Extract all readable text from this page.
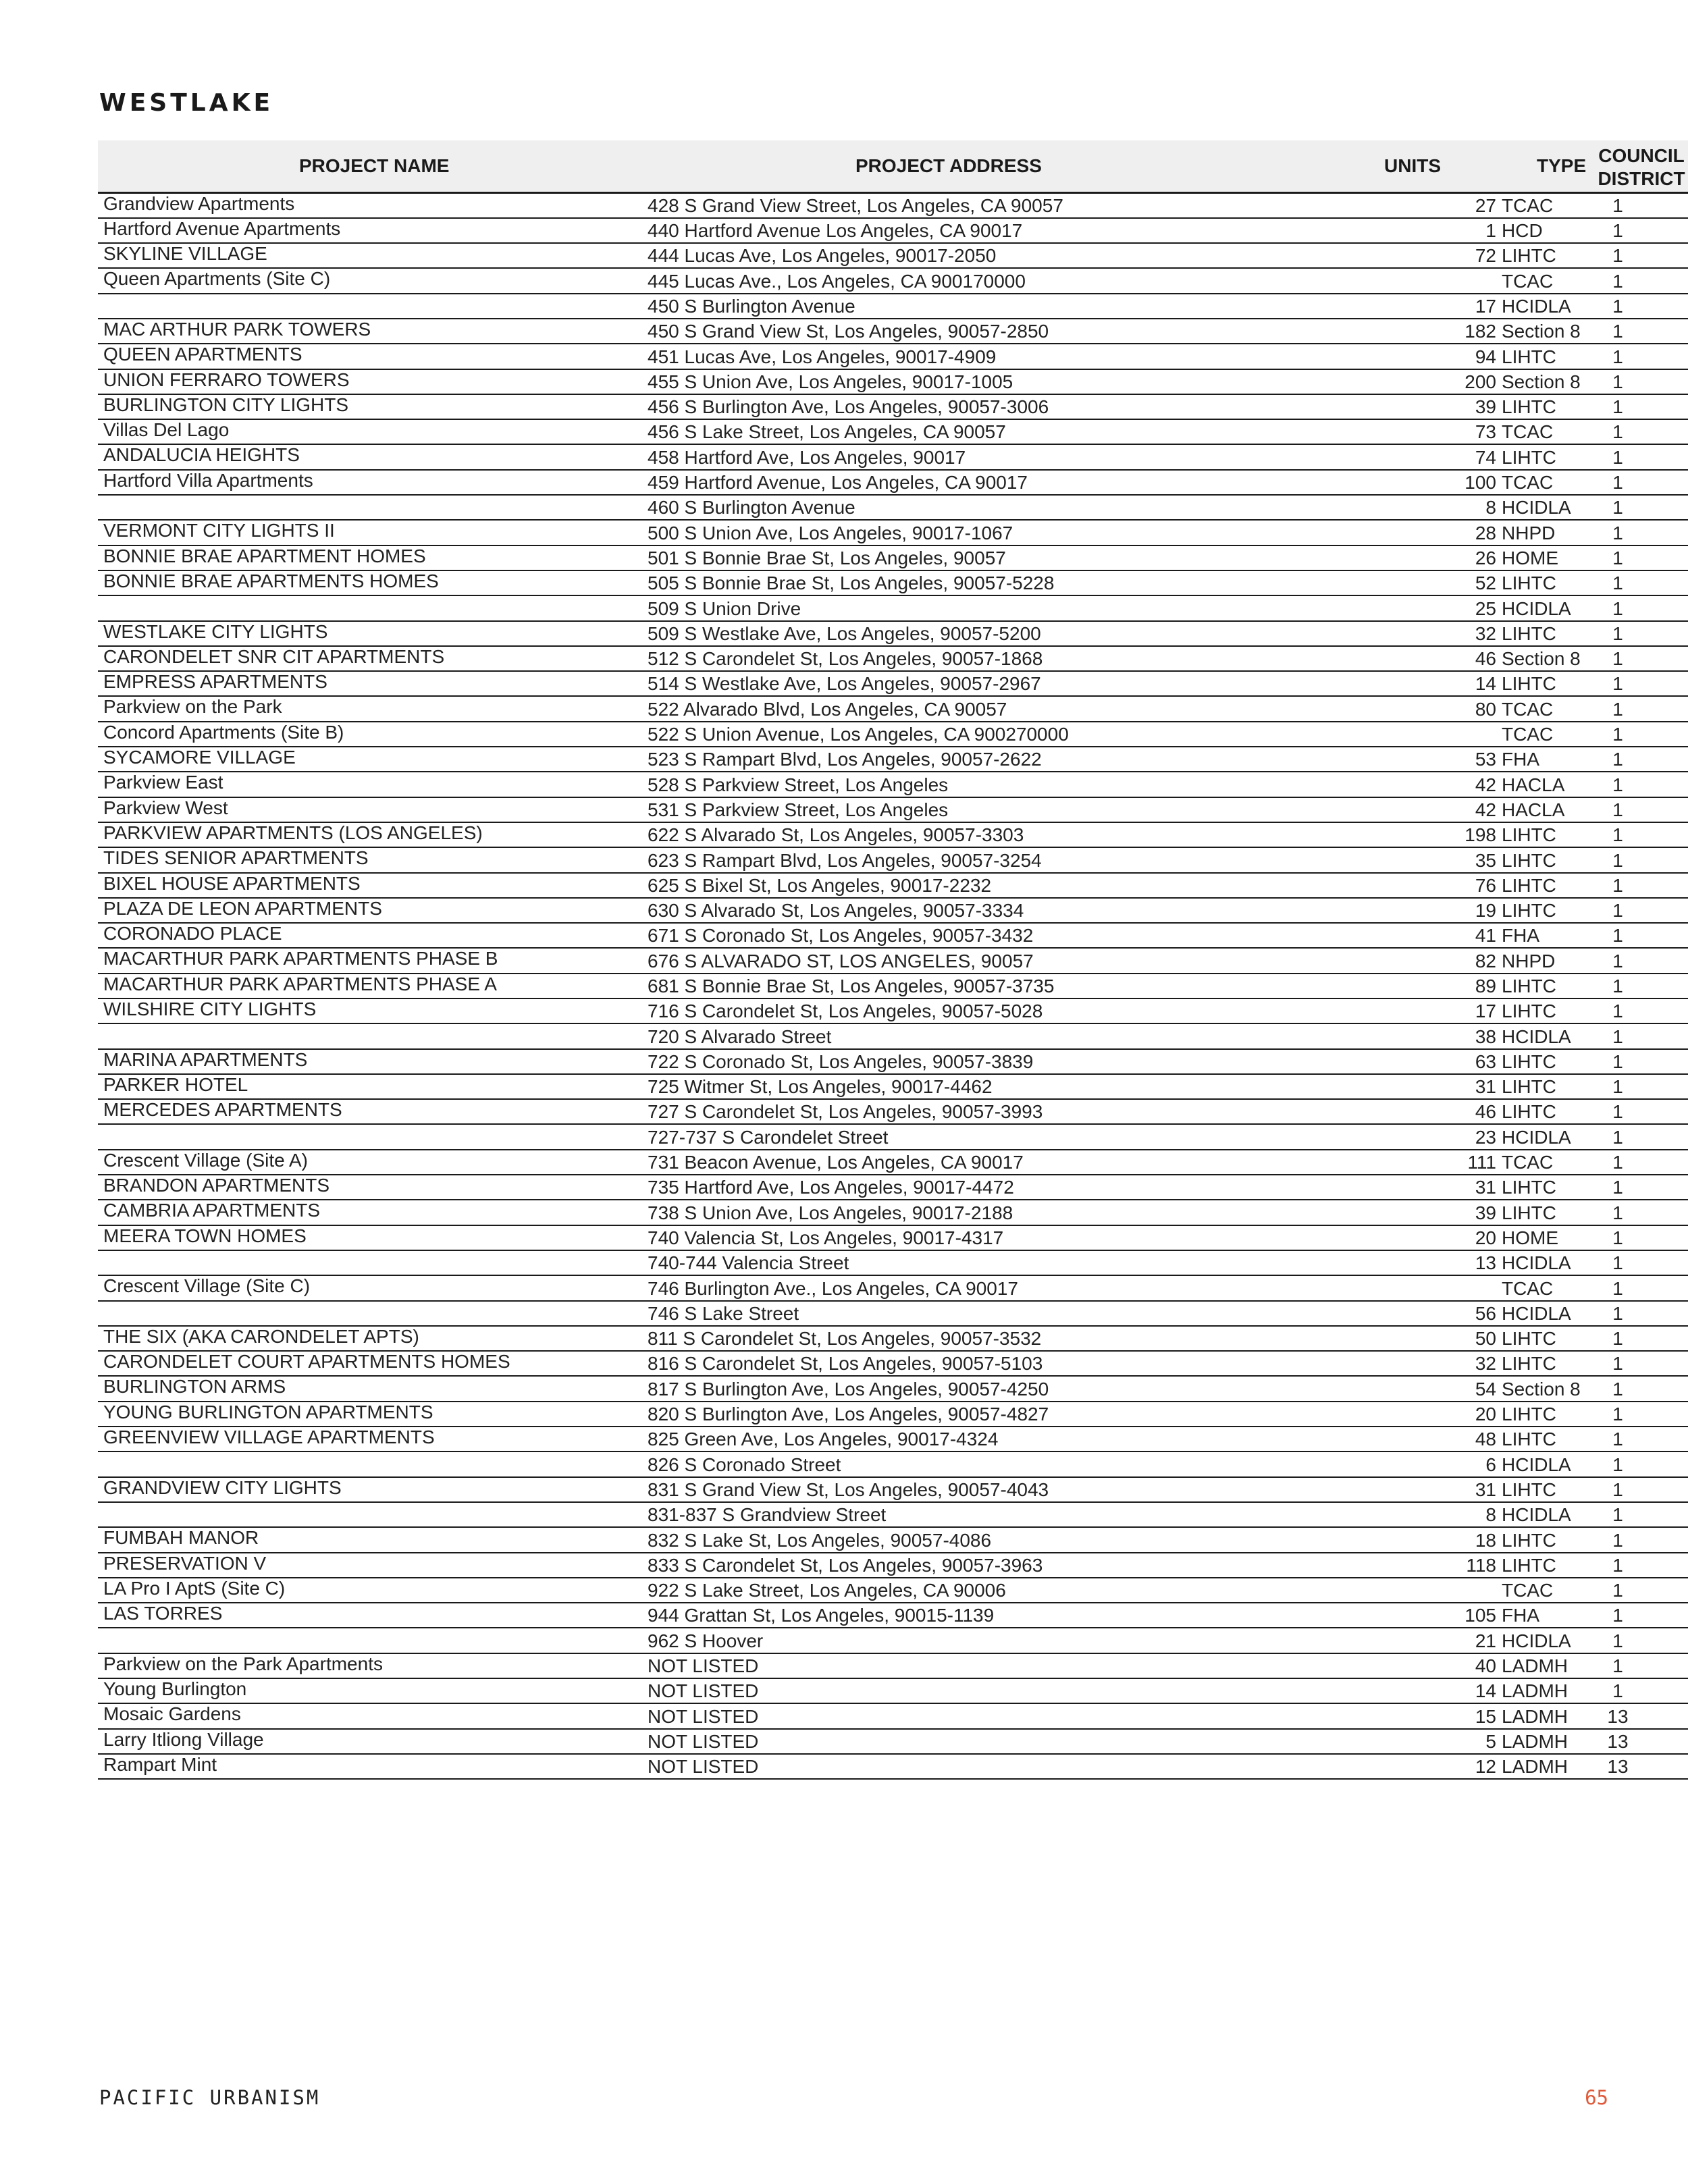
WESTLAKE
PROJECT NAME	PROJECT ADDRESS	UNITS	TYPE	COUNCIL
DISTRICT

Grandview Apartments	428 S Grand View Street, Los Angeles, CA 90057	27	TCAC	1
Hartford Avenue Apartments	440 Hartford Avenue Los Angeles, CA 90017	1	HCD	1
SKYLINE VILLAGE	444 Lucas Ave, Los Angeles, 90017-2050	72	LIHTC	1
Queen Apartments (Site C)	445 Lucas Ave., Los Angeles, CA 900170000		TCAC	1
	450 S Burlington Avenue	17	HCIDLA	1
MAC ARTHUR PARK TOWERS	450 S Grand View St, Los Angeles, 90057-2850	182	Section 8	1
QUEEN APARTMENTS	451 Lucas Ave, Los Angeles, 90017-4909	94	LIHTC	1
UNION FERRARO TOWERS	455 S Union Ave, Los Angeles, 90017-1005	200	Section 8	1
BURLINGTON CITY LIGHTS	456 S Burlington Ave, Los Angeles, 90057-3006	39	LIHTC	1
Villas Del Lago	456 S Lake Street, Los Angeles, CA 90057	73	TCAC	1
ANDALUCIA HEIGHTS	458 Hartford Ave, Los Angeles, 90017	74	LIHTC	1
Hartford Villa Apartments	459 Hartford Avenue, Los Angeles, CA 90017	100	TCAC	1
	460 S Burlington Avenue	8	HCIDLA	1
VERMONT CITY LIGHTS II	500 S Union Ave, Los Angeles, 90017-1067	28	NHPD	1
BONNIE BRAE APARTMENT HOMES	501 S Bonnie Brae St, Los Angeles, 90057	26	HOME	1
BONNIE BRAE APARTMENTS HOMES	505 S Bonnie Brae St, Los Angeles, 90057-5228	52	LIHTC	1
	509 S Union Drive	25	HCIDLA	1
WESTLAKE CITY LIGHTS	509 S Westlake Ave, Los Angeles, 90057-5200	32	LIHTC	1
CARONDELET SNR CIT APARTMENTS	512 S Carondelet St, Los Angeles, 90057-1868	46	Section 8	1
EMPRESS APARTMENTS	514 S Westlake Ave, Los Angeles, 90057-2967	14	LIHTC	1
Parkview on the Park	522 Alvarado Blvd, Los Angeles, CA 90057	80	TCAC	1
Concord Apartments (Site B)	522 S Union Avenue, Los Angeles, CA 900270000		TCAC	1
SYCAMORE VILLAGE	523 S Rampart Blvd, Los Angeles, 90057-2622	53	FHA	1
Parkview East	528 S Parkview Street, Los Angeles	42	HACLA	1
Parkview West	531 S Parkview Street, Los Angeles	42	HACLA	1
PARKVIEW APARTMENTS (LOS ANGELES)	622 S Alvarado St, Los Angeles, 90057-3303	198	LIHTC	1
TIDES SENIOR APARTMENTS	623 S Rampart Blvd, Los Angeles, 90057-3254	35	LIHTC	1
BIXEL HOUSE APARTMENTS	625 S Bixel St, Los Angeles, 90017-2232	76	LIHTC	1
PLAZA DE LEON APARTMENTS	630 S Alvarado St, Los Angeles, 90057-3334	19	LIHTC	1
CORONADO PLACE	671 S Coronado St, Los Angeles, 90057-3432	41	FHA	1
MACARTHUR PARK APARTMENTS PHASE B	676 S ALVARADO ST, LOS ANGELES, 90057	82	NHPD	1
MACARTHUR PARK APARTMENTS PHASE A	681 S Bonnie Brae St, Los Angeles, 90057-3735	89	LIHTC	1
WILSHIRE CITY LIGHTS	716 S Carondelet St, Los Angeles, 90057-5028	17	LIHTC	1
	720 S Alvarado Street	38	HCIDLA	1
MARINA APARTMENTS	722 S Coronado St, Los Angeles, 90057-3839	63	LIHTC	1
PARKER HOTEL	725 Witmer St, Los Angeles, 90017-4462	31	LIHTC	1
MERCEDES APARTMENTS	727 S Carondelet St, Los Angeles, 90057-3993	46	LIHTC	1
	727-737 S Carondelet Street	23	HCIDLA	1
Crescent Village (Site A)	731 Beacon Avenue, Los Angeles, CA 90017	111	TCAC	1
BRANDON APARTMENTS	735 Hartford Ave, Los Angeles, 90017-4472	31	LIHTC	1
CAMBRIA APARTMENTS	738 S Union Ave, Los Angeles, 90017-2188	39	LIHTC	1
MEERA TOWN HOMES	740 Valencia St, Los Angeles, 90017-4317	20	HOME	1
	740-744 Valencia Street	13	HCIDLA	1
Crescent Village (Site C)	746 Burlington Ave., Los Angeles, CA 90017		TCAC	1
	746 S Lake Street	56	HCIDLA	1
THE SIX (AKA CARONDELET APTS)	811 S Carondelet St, Los Angeles, 90057-3532	50	LIHTC	1
CARONDELET COURT APARTMENTS HOMES	816 S Carondelet St, Los Angeles, 90057-5103	32	LIHTC	1
BURLINGTON ARMS	817 S Burlington Ave, Los Angeles, 90057-4250	54	Section 8	1
YOUNG BURLINGTON APARTMENTS	820 S Burlington Ave, Los Angeles, 90057-4827	20	LIHTC	1
GREENVIEW VILLAGE APARTMENTS	825 Green Ave, Los Angeles, 90017-4324	48	LIHTC	1
	826 S Coronado Street	6	HCIDLA	1
GRANDVIEW CITY LIGHTS	831 S Grand View St, Los Angeles, 90057-4043	31	LIHTC	1
	831-837 S Grandview Street	8	HCIDLA	1
FUMBAH MANOR	832 S Lake St, Los Angeles, 90057-4086	18	LIHTC	1
PRESERVATION V	833 S Carondelet St, Los Angeles, 90057-3963	118	LIHTC	1
LA Pro I AptS (Site C)	922 S Lake Street, Los Angeles, CA 90006		TCAC	1
LAS TORRES	944 Grattan St, Los Angeles, 90015-1139	105	FHA	1
	962 S Hoover	21	HCIDLA	1
Parkview on the Park Apartments	NOT LISTED	40	LADMH	1
Young Burlington	NOT LISTED	14	LADMH	1
Mosaic Gardens	NOT LISTED	15	LADMH	13
Larry Itliong Village	NOT LISTED	5	LADMH	13
Rampart Mint	NOT LISTED	12	LADMH	13
PACIFIC URBANISM	65
